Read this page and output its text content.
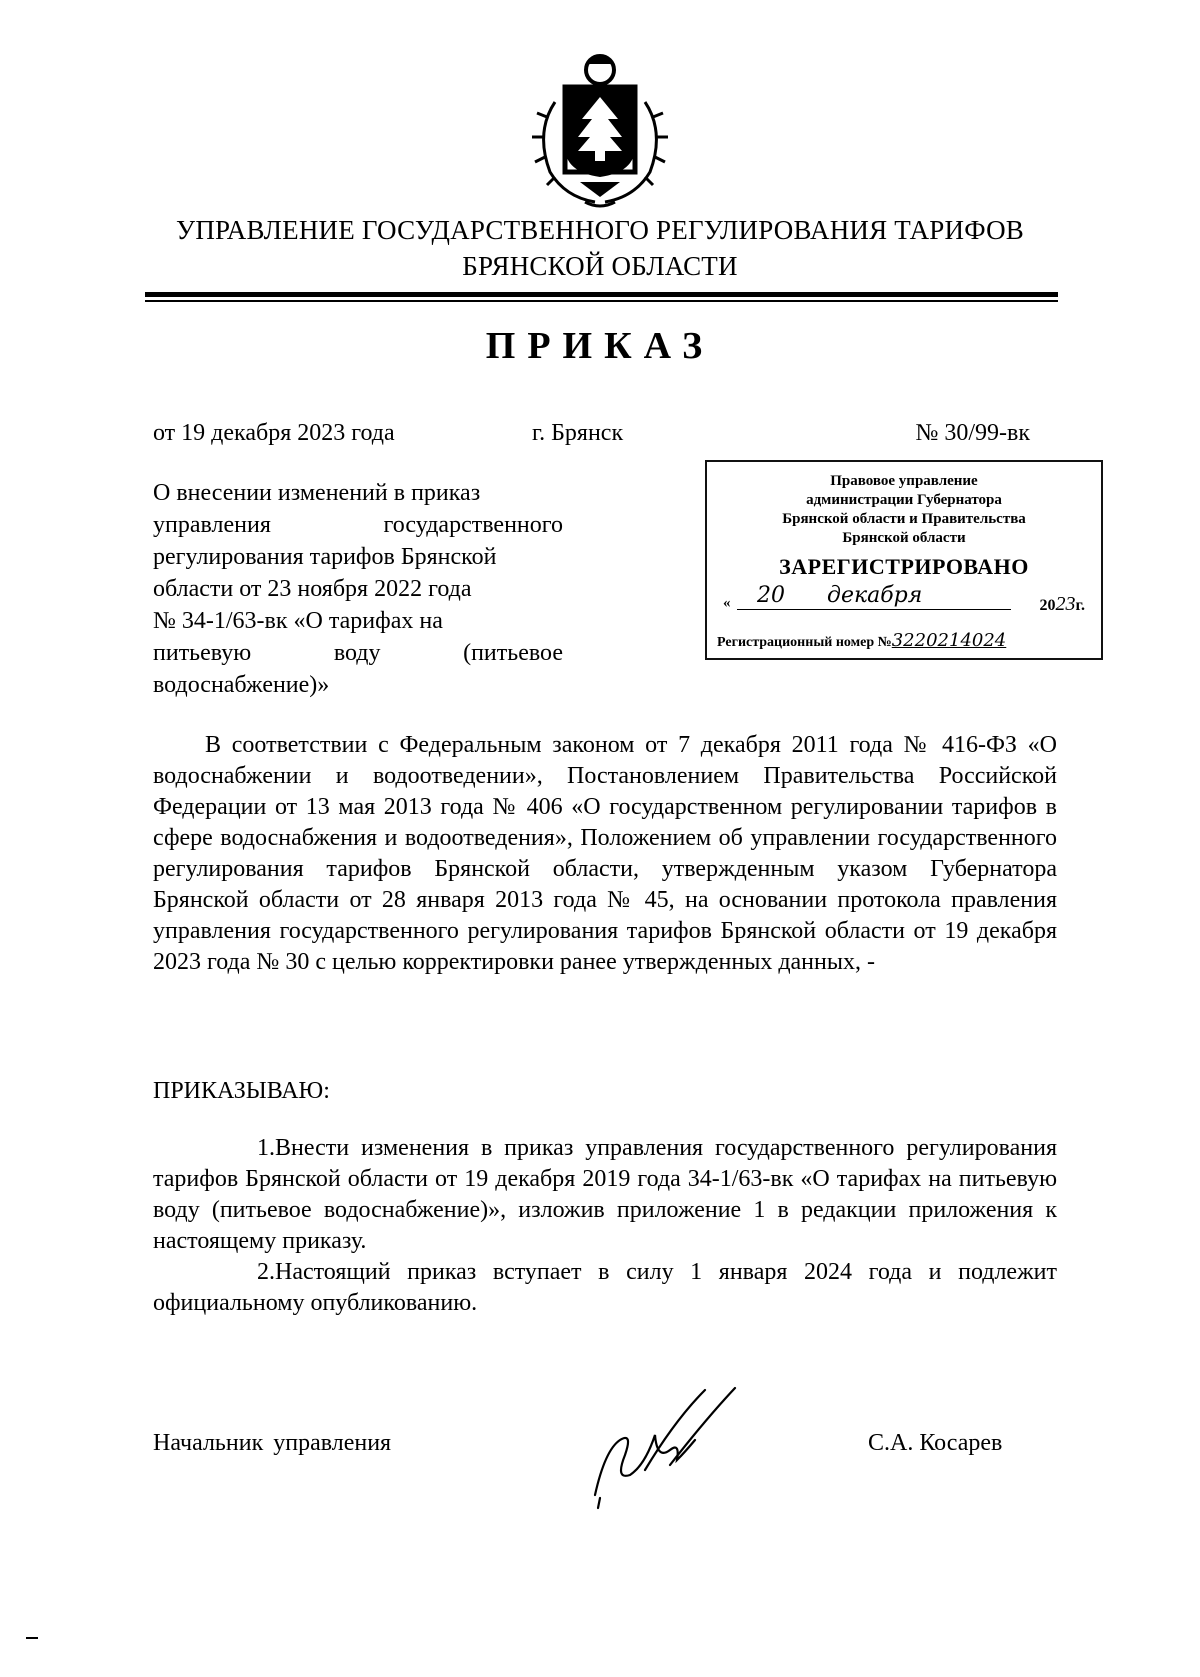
УПРАВЛЕНИЕ ГОСУДАРСТВЕННОГО РЕГУЛИРОВАНИЯ ТАРИФОВ
БРЯНСКОЙ ОБЛАСТИ
ПРИКАЗ
от 19 декабря 2023 года	г. Брянск	№ 30/99-вк
О внесении изменений в приказ
управления	государственного
регулирования тарифов Брянской
области от 23 ноября 2022 года
№ 34-1/63-вк «О тарифах на
питьевую	воду	(питьевое
водоснабжение)»
Правовое управление
администрации Губернатора
Брянской области и Правительства
Брянской области
ЗАРЕГИСТРИРОВАНО
« 20 декабря	2023г.
Регистрационный номер №3220214024

В соответствии с Федеральным законом от 7 декабря 2011 года № 416-ФЗ «О водоснабжении и водоотведении», Постановлением Правительства Российской Федерации от 13 мая 2013 года № 406 «О государственном регулировании тарифов в сфере водоснабжения и водоотведения», Положением об управлении государственного регулирования тарифов Брянской области, утвержденным указом Губернатора Брянской области от 28 января 2013 года № 45, на основании протокола правления управления государственного регулирования тарифов Брянской области от 19 декабря 2023 года № 30 с целью корректировки ранее утвержденных данных, -

ПРИКАЗЫВАЮ:

1.Внести изменения в приказ управления государственного регулирования тарифов Брянской области от 19 декабря 2019 года 34-1/63-вк «О тарифах на питьевую воду (питьевое водоснабжение)», изложив приложение 1 в редакции приложения к настоящему приказу.

2.Настоящий приказ вступает в силу 1 января 2024 года и подлежит официальному опубликованию.

Начальник управления	С.А. Косарев
